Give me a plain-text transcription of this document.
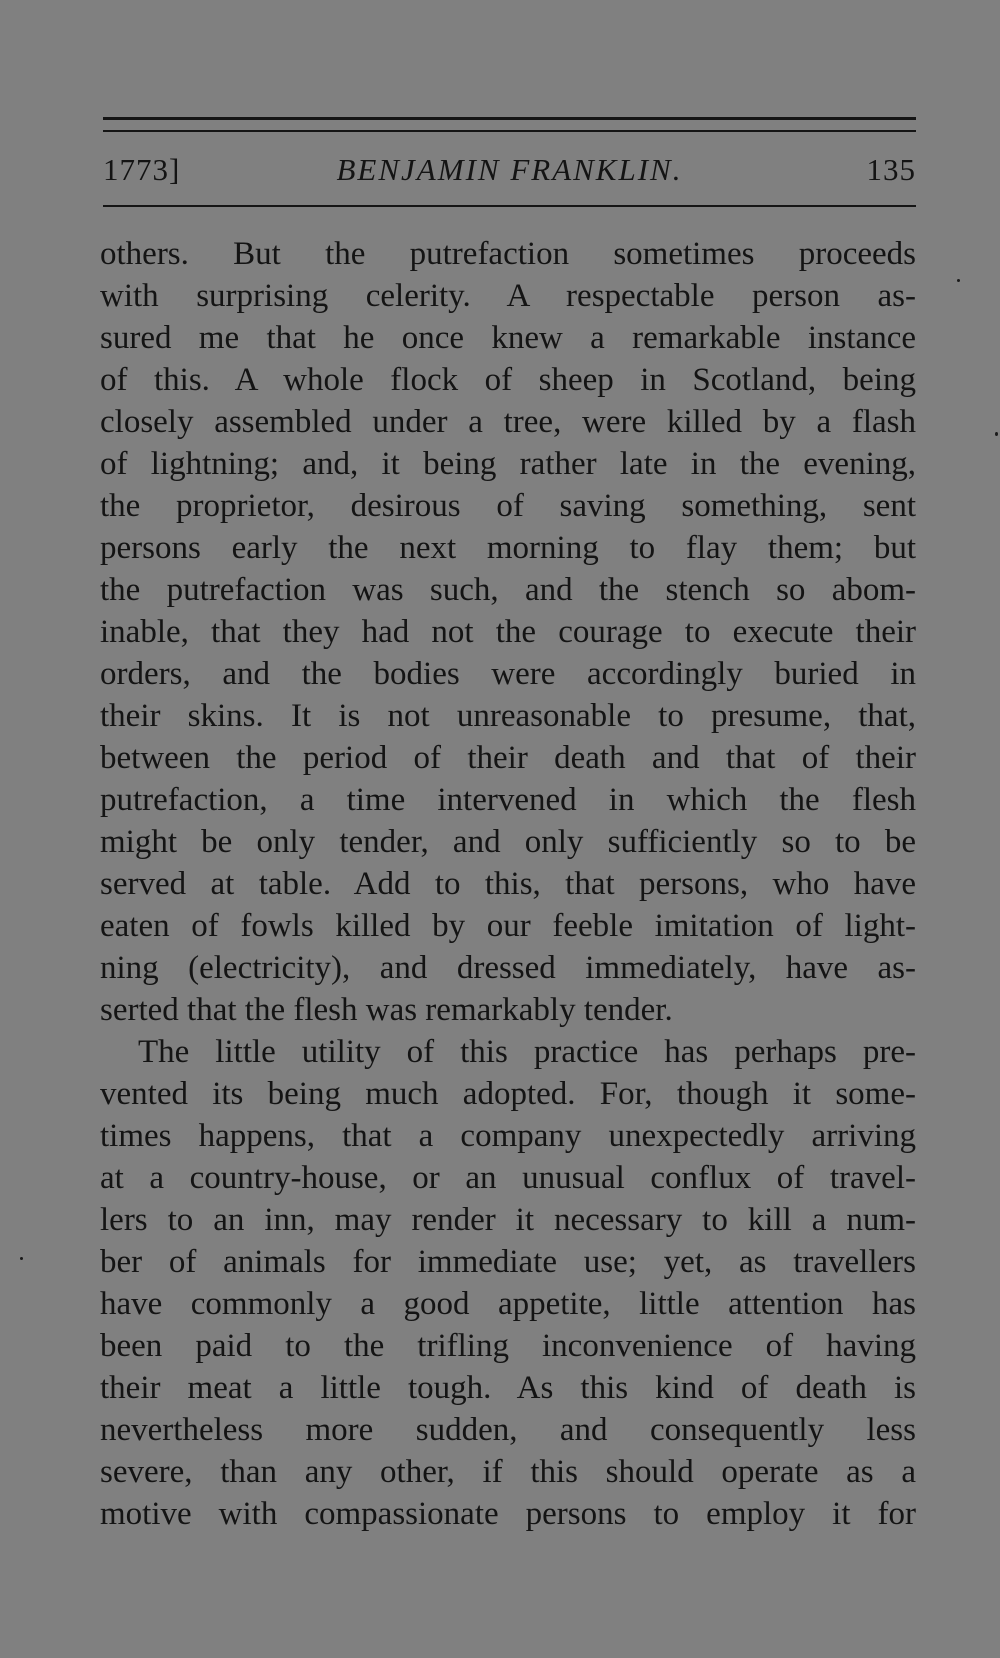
1773]	BENJAMIN FRANKLIN.	135
others. But the putrefaction sometimes proceeds
with surprising celerity. A respectable person as-
sured me that he once knew a remarkable instance
of this. A whole flock of sheep in Scotland, being
closely assembled under a tree, were killed by a flash
of lightning; and, it being rather late in the evening,
the proprietor, desirous of saving something, sent
persons early the next morning to flay them; but
the putrefaction was such, and the stench so abom-
inable, that they had not the courage to execute their
orders, and the bodies were accordingly buried in
their skins. It is not unreasonable to presume, that,
between the period of their death and that of their
putrefaction, a time intervened in which the flesh
might be only tender, and only sufficiently so to be
served at table. Add to this, that persons, who have
eaten of fowls killed by our feeble imitation of light-
ning (electricity), and dressed immediately, have as-
serted that the flesh was remarkably tender.
The little utility of this practice has perhaps pre-
vented its being much adopted. For, though it some-
times happens, that a company unexpectedly arriving
at a country-house, or an unusual conflux of travel-
lers to an inn, may render it necessary to kill a num-
ber of animals for immediate use; yet, as travellers
have commonly a good appetite, little attention has
been paid to the trifling inconvenience of having
their meat a little tough. As this kind of death is
nevertheless more sudden, and consequently less
severe, than any other, if this should operate as a
motive with compassionate persons to employ it for
